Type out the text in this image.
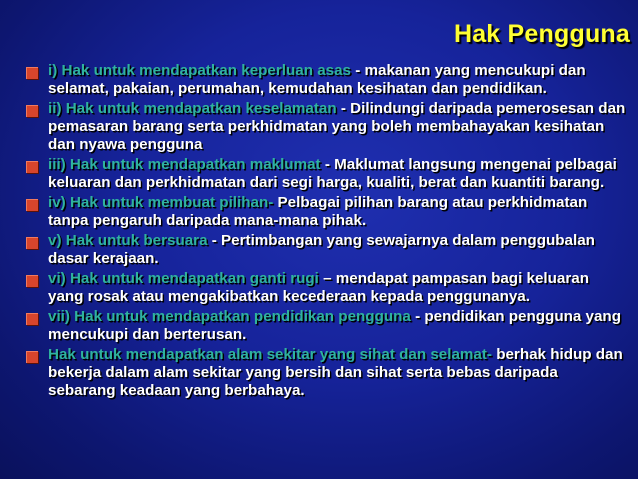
Hak Pengguna
i) Hak untuk mendapatkan keperluan asas - makanan yang mencukupi dan selamat, pakaian, perumahan, kemudahan kesihatan dan pendidikan.
ii) Hak untuk mendapatkan keselamatan - Dilindungi daripada pemerosesan dan pemasaran barang serta perkhidmatan yang boleh membahayakan kesihatan dan nyawa pengguna
iii) Hak untuk mendapatkan maklumat - Maklumat langsung mengenai pelbagai keluaran dan perkhidmatan dari segi harga, kualiti, berat dan kuantiti barang.
iv) Hak untuk membuat pilihan- Pelbagai pilihan barang atau perkhidmatan tanpa pengaruh daripada mana-mana pihak.
v) Hak untuk bersuara - Pertimbangan yang sewajarnya dalam penggubalan dasar kerajaan.
vi) Hak untuk mendapatkan ganti rugi – mendapat pampasan bagi keluaran yang rosak atau mengakibatkan kecederaan kepada penggunanya.
vii) Hak untuk mendapatkan pendidikan pengguna - pendidikan pengguna yang mencukupi dan berterusan.
Hak untuk mendapatkan alam sekitar yang sihat dan selamat- berhak hidup dan bekerja dalam alam sekitar yang bersih dan sihat serta bebas daripada sebarang keadaan yang berbahaya.
